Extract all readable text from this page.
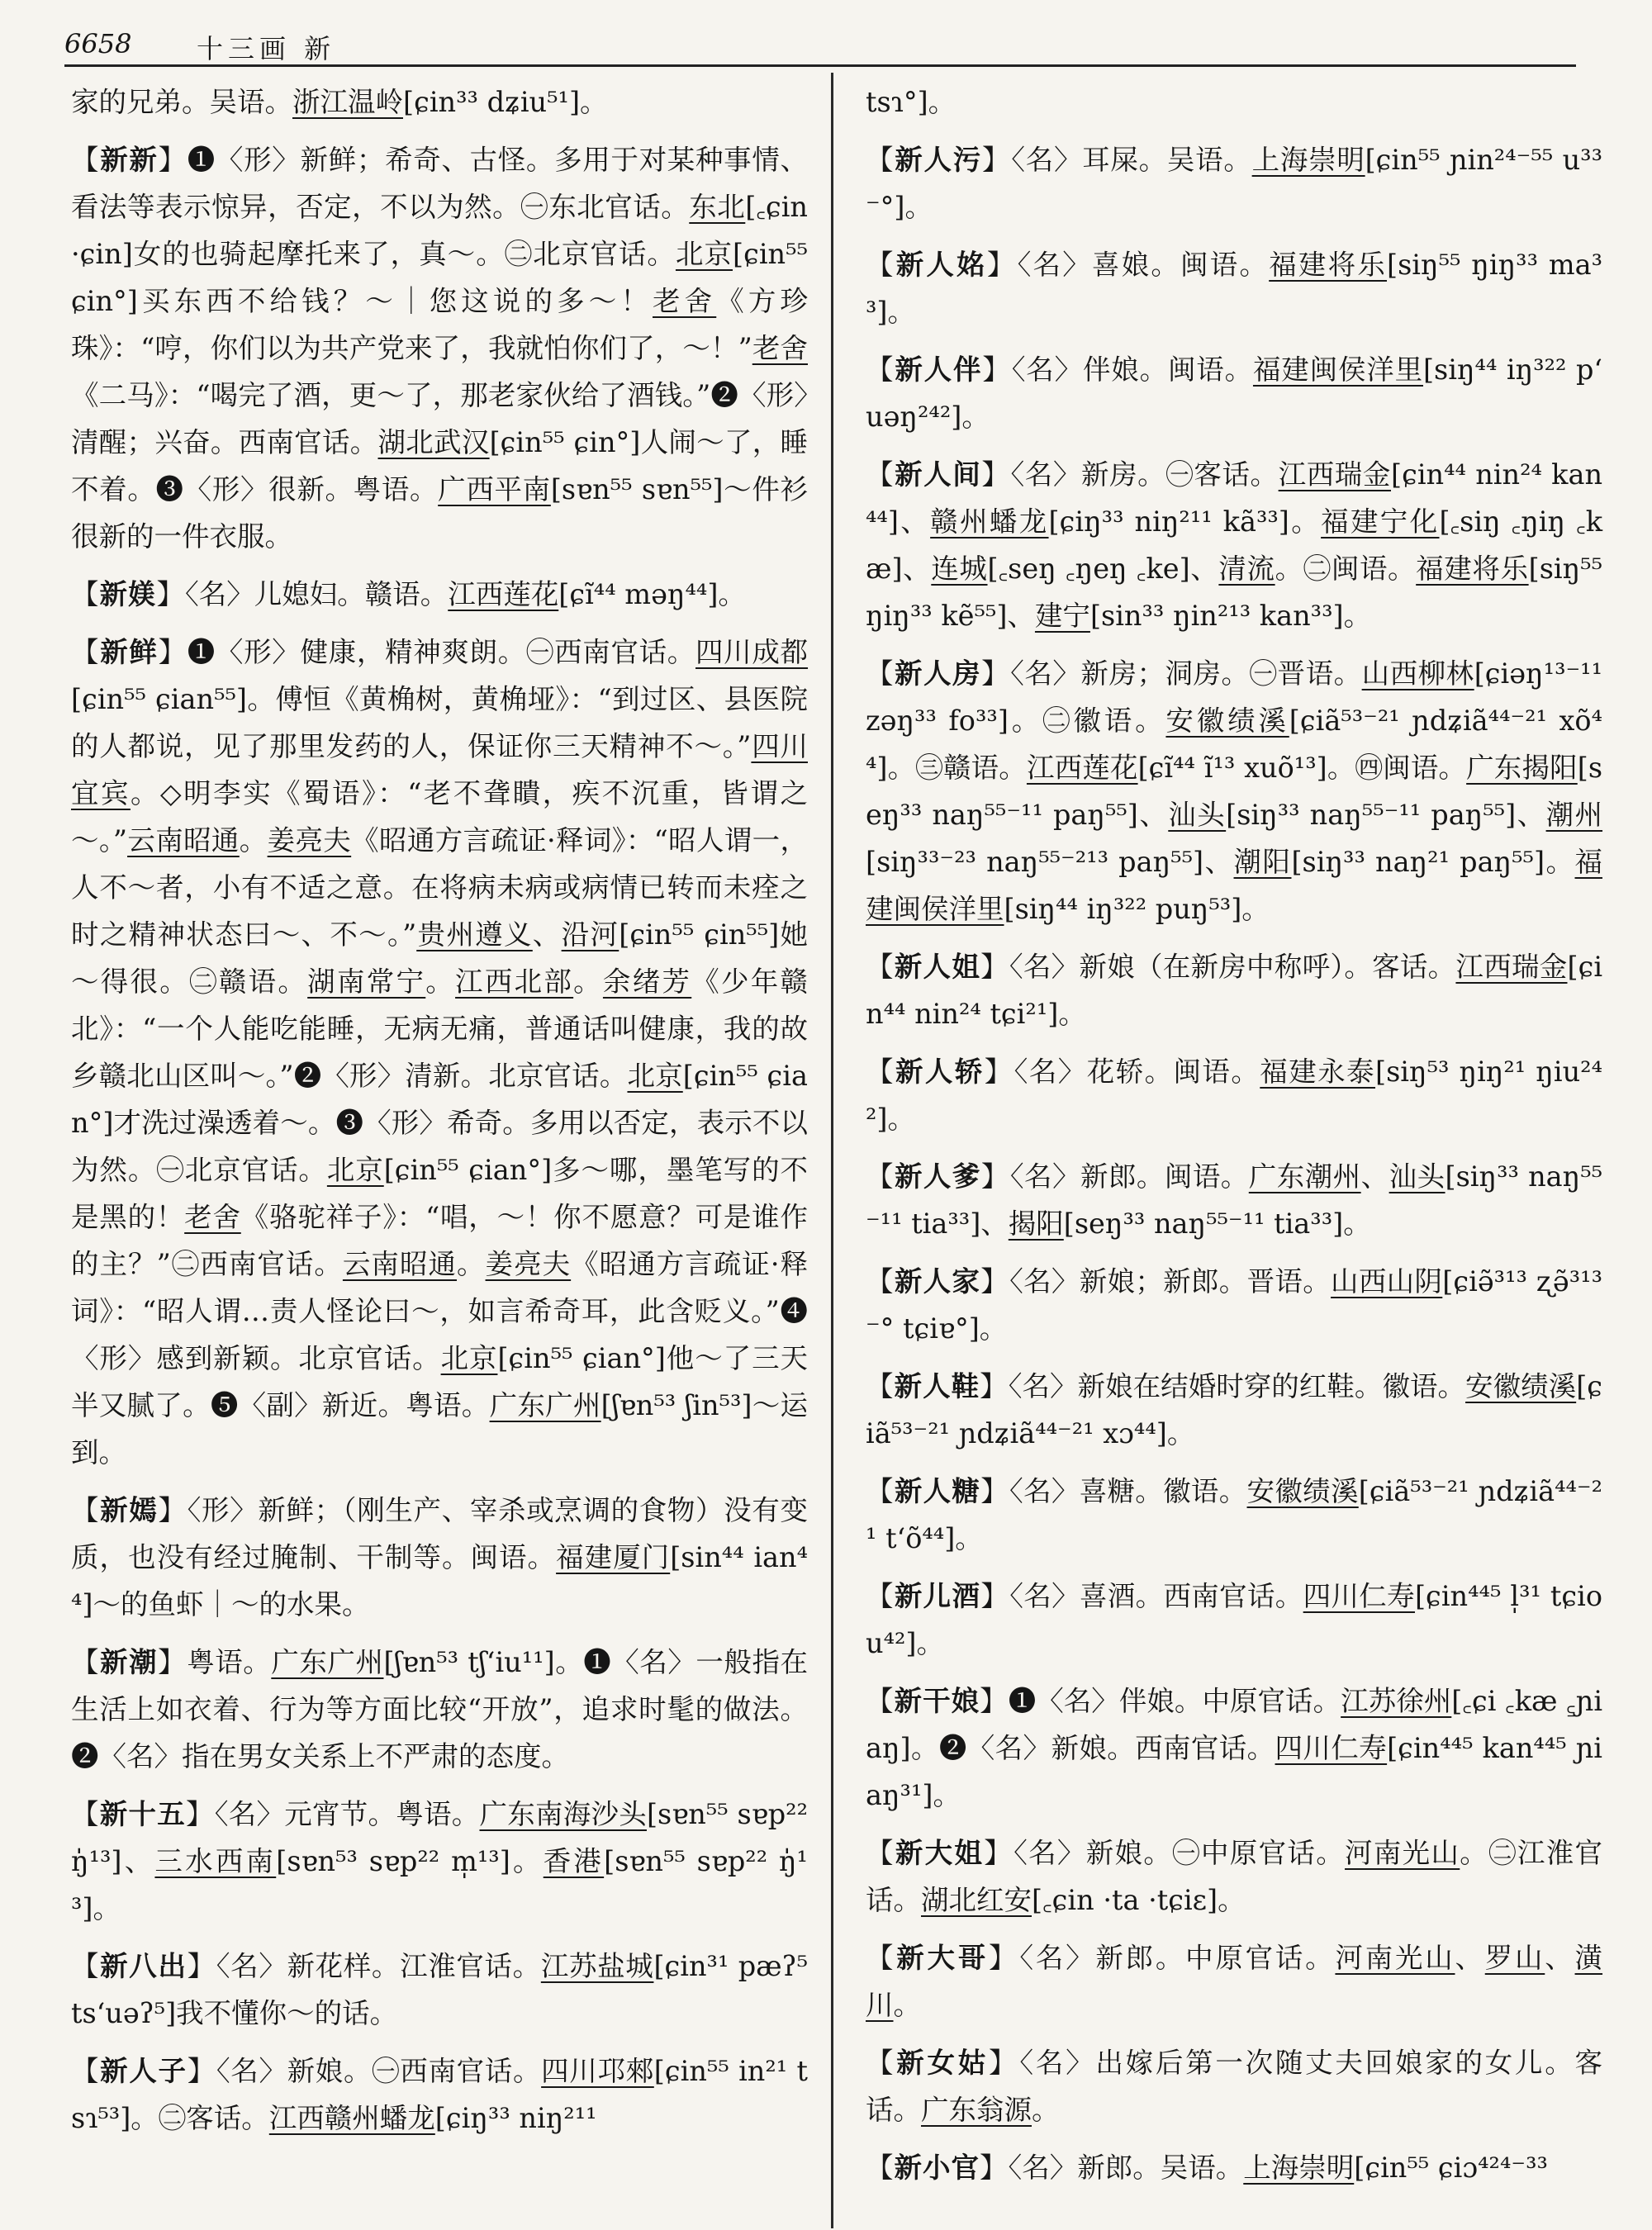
6658 十三画 新

家的兄弟。吴语。浙江温岭[ɕin³³ dʑiu⁵¹]。

【新新】❶〈形〉新鲜；希奇、古怪。多用于对某种事情、看法等表示惊异，否定，不以为然。㊀东北官话。东北[꜀ɕin ·ɕin]女的也骑起摩托来了，真～。㊁北京官话。北京[ɕin⁵⁵ ɕin°]买东西不给钱？～｜您这说的多～！老舍《方珍珠》：“哼，你们以为共产党来了，我就怕你们了，～！”老舍《二马》：“喝完了酒，更～了，那老家伙给了酒钱。”❷〈形〉清醒；兴奋。西南官话。湖北武汉[ɕin⁵⁵ ɕin°]人闹～了，睡不着。❸〈形〉很新。粤语。广西平南[sɐn⁵⁵ sɐn⁵⁵]～件衫很新的一件衣服。

【新媄】〈名〉儿媳妇。赣语。江西莲花[ɕĩ⁴⁴ məŋ⁴⁴]。

【新鲜】❶〈形〉健康，精神爽朗。㊀西南官话。四川成都[ɕin⁵⁵ ɕian⁵⁵]。傅恒《黄桷树，黄桷垭》：“到过区、县医院的人都说，见了那里发药的人，保证你三天精神不～。”四川宜宾。◇明李实《蜀语》：“老不聋瞶，疾不沉重，皆谓之～。”云南昭通。姜亮夫《昭通方言疏证·释词》：“昭人谓一，人不～者，小有不适之意。在将病未病或病情已转而未痊之时之精神状态曰～、不～。”贵州遵义、沿河[ɕin⁵⁵ ɕin⁵⁵]她～得很。㊁赣语。湖南常宁。江西北部。余绪芳《少年赣北》：“一个人能吃能睡，无病无痛，普通话叫健康，我的故乡赣北山区叫～。”❷〈形〉清新。北京官话。北京[ɕin⁵⁵ ɕian°]才洗过澡透着～。❸〈形〉希奇。多用以否定，表示不以为然。㊀北京官话。北京[ɕin⁵⁵ ɕian°]多～哪，墨笔写的不是黑的！老舍《骆驼祥子》：“唱，～！你不愿意？可是谁作的主？”㊁西南官话。云南昭通。姜亮夫《昭通方言疏证·释词》：“昭人谓…责人怪论曰～，如言希奇耳，此含贬义。”❹〈形〉感到新颖。北京官话。北京[ɕin⁵⁵ ɕian°]他～了三天半又腻了。❺〈副〉新近。粤语。广东广州[ʃɐn⁵³ ʃin⁵³]～运到。

【新嫣】〈形〉新鲜；（刚生产、宰杀或烹调的食物）没有变质，也没有经过腌制、干制等。闽语。福建厦门[sin⁴⁴ ian⁴⁴]～的鱼虾｜～的水果。

【新潮】粤语。广东广州[ʃɐn⁵³ tʃʻiu¹¹]。❶〈名〉一般指在生活上如衣着、行为等方面比较“开放”，追求时髦的做法。❷〈名〉指在男女关系上不严肃的态度。

【新十五】〈名〉元宵节。粤语。广东南海沙头[sɐn⁵⁵ sɐp²² ŋ̍¹³]、三水西南[sɐn⁵³ sɐp²² m̩¹³]。香港[sɐn⁵⁵ sɐp²² ŋ̍¹³]。

【新八出】〈名〉新花样。江淮官话。江苏盐城[ɕin³¹ pæʔ⁵ tsʻuəʔ⁵]我不懂你～的话。

【新人子】〈名〉新娘。㊀西南官话。四川邛郲[ɕin⁵⁵ in²¹ tsɿ⁵³]。㊁客话。江西赣州蟠龙[ɕiŋ³³ niŋ²¹¹

tsɿ°]。

【新人污】〈名〉耳屎。吴语。上海崇明[ɕin⁵⁵ ɲin²⁴⁻⁵⁵ u³³⁻°]。

【新人姳】〈名〉喜娘。闽语。福建将乐[siŋ⁵⁵ ŋiŋ³³ ma³³]。

【新人伴】〈名〉伴娘。闽语。福建闽侯洋里[siŋ⁴⁴ iŋ³²² pʻuəŋ²⁴²]。

【新人间】〈名〉新房。㊀客话。江西瑞金[ɕin⁴⁴ nin²⁴ kan⁴⁴]、赣州蟠龙[ɕiŋ³³ niŋ²¹¹ kã³³]。福建宁化[꜀siŋ ꜀ŋiŋ ꜀kæ]、连城[꜀seŋ ꜀ŋeŋ ꜀ke]、清流。㊁闽语。福建将乐[siŋ⁵⁵ ŋiŋ³³ kẽ⁵⁵]、建宁[sin³³ ŋin²¹³ kan³³]。

【新人房】〈名〉新房；洞房。㊀晋语。山西柳林[ɕiəŋ¹³⁻¹¹ zəŋ³³ fo³³]。㊁徽语。安徽绩溪[ɕiã⁵³⁻²¹ ɲdʑiã⁴⁴⁻²¹ xõ⁴⁴]。㊂赣语。江西莲花[ɕĩ⁴⁴ ĩ¹³ xuõ¹³]。㊃闽语。广东揭阳[seŋ³³ naŋ⁵⁵⁻¹¹ paŋ⁵⁵]、汕头[siŋ³³ naŋ⁵⁵⁻¹¹ paŋ⁵⁵]、潮州[siŋ³³⁻²³ naŋ⁵⁵⁻²¹³ paŋ⁵⁵]、潮阳[siŋ³³ naŋ²¹ paŋ⁵⁵]。福建闽侯洋里[siŋ⁴⁴ iŋ³²² puŋ⁵³]。

【新人姐】〈名〉新娘（在新房中称呼）。客话。江西瑞金[ɕin⁴⁴ nin²⁴ tɕi²¹]。

【新人轿】〈名〉花轿。闽语。福建永泰[siŋ⁵³ ŋiŋ²¹ ŋiu²⁴²]。

【新人爹】〈名〉新郎。闽语。广东潮州、汕头[siŋ³³ naŋ⁵⁵⁻¹¹ tia³³]、揭阳[seŋ³³ naŋ⁵⁵⁻¹¹ tia³³]。

【新人家】〈名〉新娘；新郎。晋语。山西山阴[ɕiə̃³¹³ ʐə̃³¹³⁻° tɕiɐ°]。

【新人鞋】〈名〉新娘在结婚时穿的红鞋。徽语。安徽绩溪[ɕiã⁵³⁻²¹ ɲdʑiã⁴⁴⁻²¹ xɔ⁴⁴]。

【新人糖】〈名〉喜糖。徽语。安徽绩溪[ɕiã⁵³⁻²¹ ɲdʑiã⁴⁴⁻²¹ tʻõ⁴⁴]。

【新儿酒】〈名〉喜酒。西南官话。四川仁寿[ɕin⁴⁴⁵ l̩³¹ tɕiou⁴²]。

【新干娘】❶〈名〉伴娘。中原官话。江苏徐州[꜀ɕi ꜀kæ ꜁ɲiaŋ]。❷〈名〉新娘。西南官话。四川仁寿[ɕin⁴⁴⁵ kan⁴⁴⁵ ɲiaŋ³¹]。

【新大姐】〈名〉新娘。㊀中原官话。河南光山。㊁江淮官话。湖北红安[꜀ɕin ·ta ·tɕiɛ]。

【新大哥】〈名〉新郎。中原官话。河南光山、罗山、潢川。

【新女姑】〈名〉出嫁后第一次随丈夫回娘家的女儿。客话。广东翁源。

【新小官】〈名〉新郎。吴语。上海崇明[ɕin⁵⁵ ɕiɔ⁴²⁴⁻³³
